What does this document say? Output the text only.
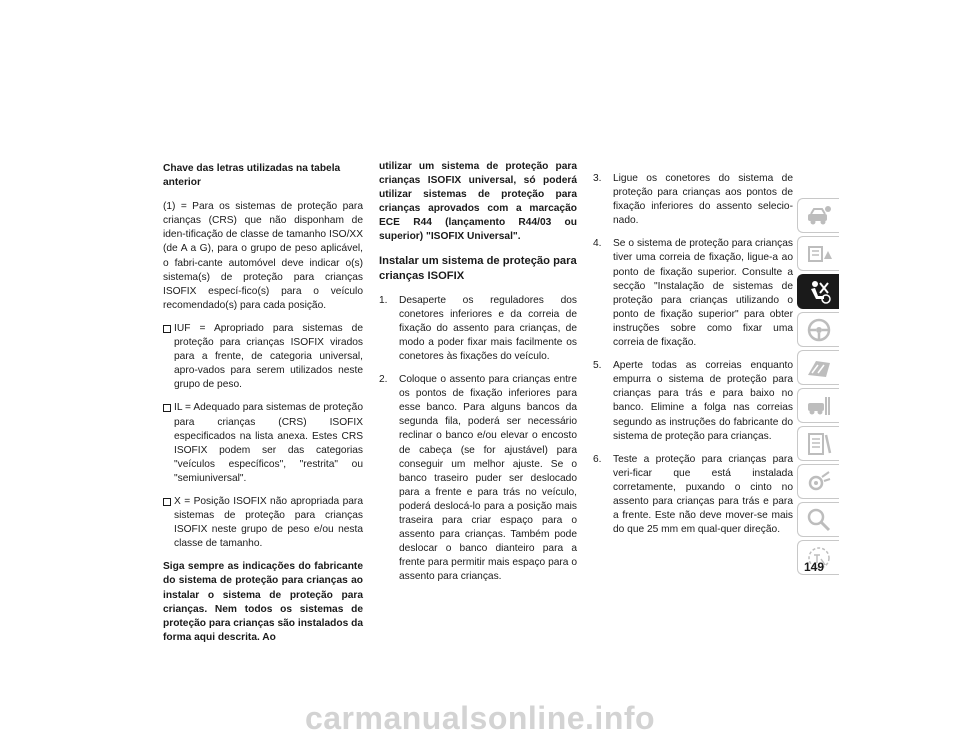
Chave das letras utilizadas na tabela anterior

(1) = Para os sistemas de proteção para crianças (CRS) que não disponham de iden-tificação de classe de tamanho ISO/XX (de A a G), para o grupo de peso aplicável, o fabri-cante automóvel deve indicar o(s) sistema(s) de proteção para crianças ISOFIX especí-fico(s) para o veículo recomendado(s) para cada posição.

IUF = Apropriado para sistemas de proteção para crianças ISOFIX virados para a frente, de categoria universal, apro-vados para serem utilizados neste grupo de peso.
IL = Adequado para sistemas de proteção para crianças (CRS) ISOFIX especificados na lista anexa. Estes CRS ISOFIX podem ser das categorias "veículos específicos", "restrita" ou "semiuniversal".
X = Posição ISOFIX não apropriada para sistemas de proteção para crianças ISOFIX neste grupo de peso e/ou nesta classe de tamanho.

Siga sempre as indicações do fabricante do sistema de proteção para crianças ao instalar o sistema de proteção para crianças. Nem todos os sistemas de proteção para crianças são instalados da forma aqui descrita. Ao

utilizar um sistema de proteção para crianças ISOFIX universal, só poderá utilizar sistemas de proteção para crianças aprovados com a marcação ECE R44 (lançamento R44/03 ou superior) "ISOFIX Universal".

Instalar um sistema de proteção para crianças ISOFIX

1.	Desaperte os reguladores dos conetores inferiores e da correia de fixação do assento para crianças, de modo a poder fixar mais facilmente os conetores às fixações do veículo.
2.	Coloque o assento para crianças entre os pontos de fixação inferiores para esse banco. Para alguns bancos da segunda fila, poderá ser necessário reclinar o banco e/ou elevar o encosto de cabeça (se for ajustável) para conseguir um melhor ajuste. Se o banco traseiro puder ser deslocado para a frente e para trás no veículo, poderá deslocá-lo para a posição mais traseira para criar espaço para o assento para crianças. Também pode deslocar o banco dianteiro para a frente para permitir mais espaço para o assento para crianças.
3.	Ligue os conetores do sistema de proteção para crianças aos pontos de fixação inferiores do assento selecio-nado.
4.	Se o sistema de proteção para crianças tiver uma correia de fixação, ligue-a ao ponto de fixação superior. Consulte a secção "Instalação de sistemas de proteção para crianças utilizando o ponto de fixação superior" para obter instruções sobre como fixar uma correia de fixação.
5.	Aperte todas as correias enquanto empurra o sistema de proteção para crianças para trás e para baixo no banco. Elimine a folga nas correias segundo as instruções do fabricante do sistema de proteção para crianças.
6.	Teste a proteção para crianças para veri-ficar que está instalada corretamente, puxando o cinto no assento para crianças para trás e para a frente. Este não deve mover-se mais do que 25 mm em qual-quer direção.
149
carmanualsonline.info
